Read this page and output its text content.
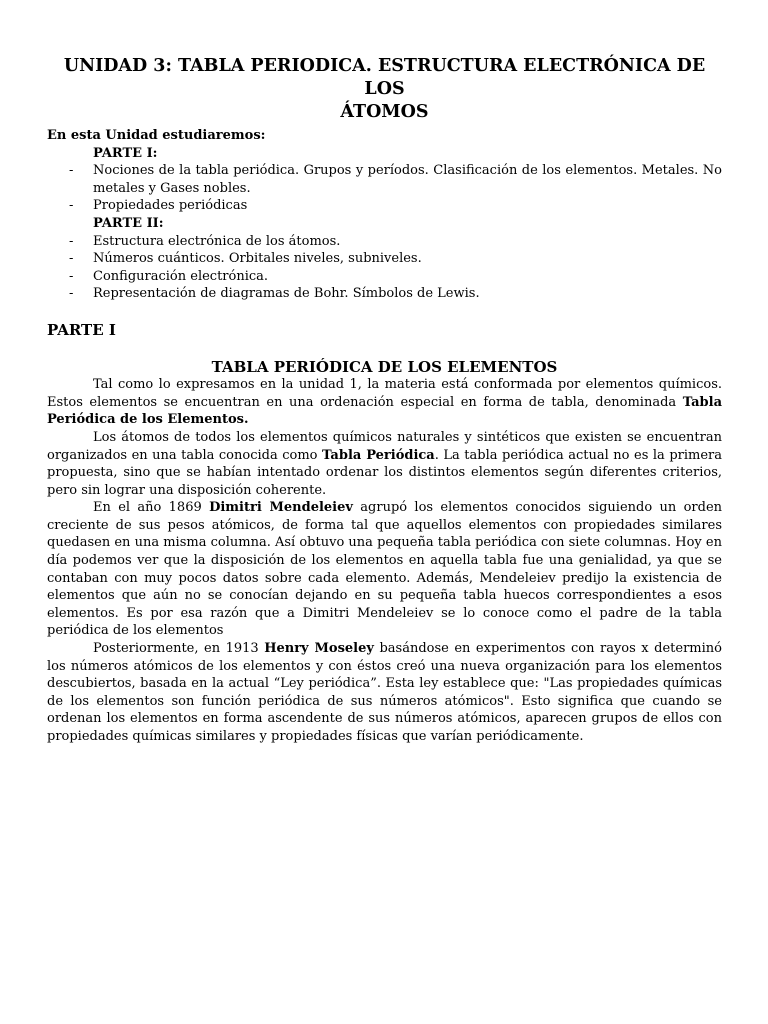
UNIDAD 3: TABLA PERIODICA. ESTRUCTURA ELECTRÓNICA DE LOS
ÁTOMOS
En esta Unidad estudiaremos:
PARTE I:
- Nociones de la tabla periódica. Grupos y períodos. Clasificación de los elementos. Metales. No metales y Gases nobles.
- Propiedades periódicas
PARTE II:
- Estructura electrónica de los átomos.
- Números cuánticos. Orbitales niveles, subniveles.
- Configuración electrónica.
- Representación de diagramas de Bohr. Símbolos de Lewis.
PARTE I
TABLA PERIÓDICA DE LOS ELEMENTOS

Tal como lo expresamos en la unidad 1, la materia está conformada por elementos químicos. Estos elementos se encuentran en una ordenación especial en forma de tabla, denominada Tabla Periódica de los Elementos.

Los átomos de todos los elementos químicos naturales y sintéticos que existen se encuentran organizados en una tabla conocida como Tabla Periódica. La tabla periódica actual no es la primera propuesta, sino que se habían intentado ordenar los distintos elementos según diferentes criterios, pero sin lograr una disposición coherente.

En el año 1869 Dimitri Mendeleiev agrupó los elementos conocidos siguiendo un orden creciente de sus pesos atómicos, de forma tal que aquellos elementos con propiedades similares quedasen en una misma columna. Así obtuvo una pequeña tabla periódica con siete columnas. Hoy en día podemos ver que la disposición de los elementos en aquella tabla fue una genialidad, ya que se contaban con muy pocos datos sobre cada elemento. Además, Mendeleiev predijo la existencia de elementos que aún no se conocían dejando en su pequeña tabla huecos correspondientes a esos elementos. Es por esa razón que a Dimitri Mendeleiev se lo conoce como el padre de la tabla periódica de los elementos

Posteriormente, en 1913 Henry Moseley basándose en experimentos con rayos x determinó los números atómicos de los elementos y con éstos creó una nueva organización para los elementos descubiertos, basada en la actual “Ley periódica”. Esta ley establece que: "Las propiedades químicas de los elementos son función periódica de sus números atómicos". Esto significa que cuando se ordenan los elementos en forma ascendente de sus números atómicos, aparecen grupos de ellos con propiedades químicas similares y propiedades físicas que varían periódicamente.
